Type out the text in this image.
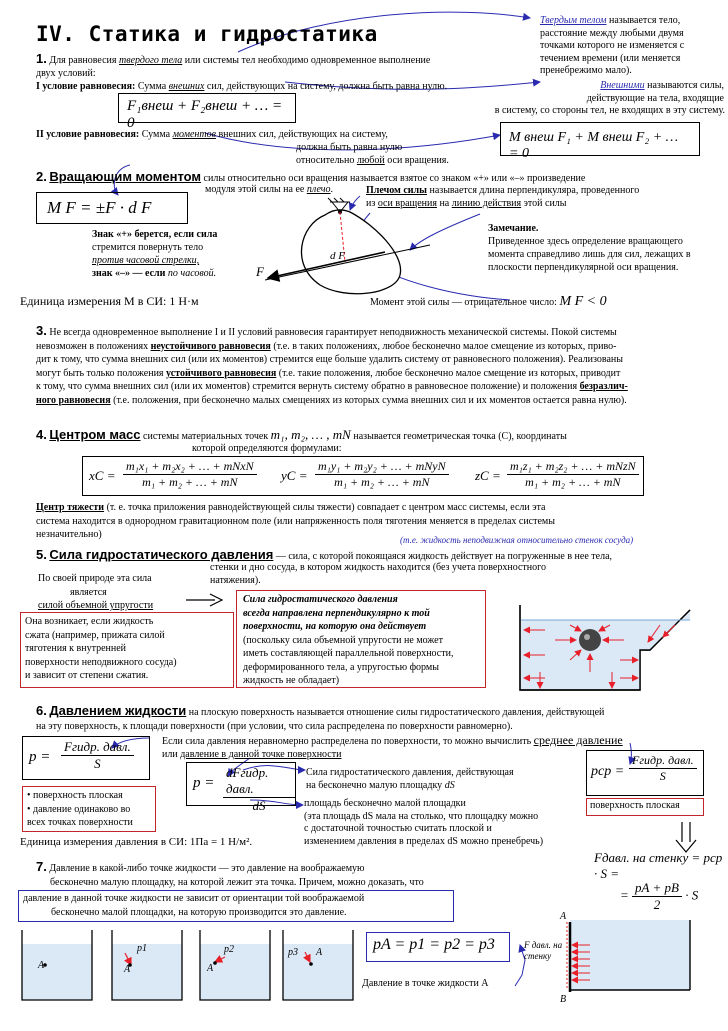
IV. Статика и гидростатика
Твердым телом называется тело,
расстояние между любыми двумя
точками которого не изменяется с
течением времени (или меняется
пренебрежимо мало).
Внешними называются силы,
действующие на тела, входящие
в систему, со стороны тел, не входящих в эту систему.
1. Для равновесия твердого тела или системы тел необходимо одновременное выполнение
двух условий:
I условие равновесия: Сумма внешних сил, действующих на систему, должна быть равна нулю.
F₁внеш + F₂внеш + … = 0
II условие равновесия: Сумма моментов внешних сил, действующих на систему,
должна быть равна нулю
относительно любой оси вращения.
M внеш F₁ + M внеш F₂ + … = 0
2. Вращающим моментом силы относительно оси вращения называется взятое со знаком «+» или «–» произведение
модуля этой силы на ее плечо.	Плечом силы называется длина перпендикуляра, проведенного
из оси вращения на линию действия этой силы
M F = ±F · d F
Знак «+» берется, если сила
стремится повернуть тело
против часовой стрелки,
знак «–» — если по часовой.	F
d F
Замечание.
Приведенное здесь определение вращающего
момента справедливо лишь для сил, лежащих в
плоскости перпендикулярной оси вращения.
Единица измерения M в СИ: 1 Н·м	Момент этой силы — отрицательное число: M F < 0
3. Не всегда одновременное выполнение I и II условий равновесия гарантирует неподвижность механической системы. Покой системы
невозможен в положениях неустойчивого равновесия (т.е. в таких положениях, любое бесконечно малое смещение из которых, приво-
дит к тому, что сумма внешних сил (или их моментов) стремится еще больше удалить систему от равновесного положения). Реализованы
могут быть только положения устойчивого равновесия (т.е. такие положения, любое бесконечно малое смещение из которых, приводит
к тому, что сумма внешних сил (или их моментов) стремится вернуть систему обратно в равновесное положение) и положения безразлич-
ного равновесия (т.е. положения, при бесконечно малых смещениях из которых сумма внешних сил и их моментов остается равна нулю).
4. Центром масс системы материальных точек m₁, m₂, … , mN называется геометрическая точка (C), координаты
которой определяются формулами:
xC =
m₁x₁ + m₂x₂ + … + mNxN
m₁ + m₂ + … + mN	yC =
m₁y₁ + m₂y₂ + … + mNyN
m₁ + m₂ + … + mN	zC =
m₁z₁ + m₂z₂ + … + mNzN
m₁ + m₂ + … + mN
Центр тяжести (т. е. точка приложения равнодействующей силы тяжести) совпадает с центром масс системы, если эта
система находится в однородном гравитационном поле (или напряженность поля тяготения меняется в пределах системы
незначительно)	(т.е. жидкость неподвижная относительно стенок сосуда)
5. Сила гидростатического давления — сила, с которой покоящаяся жидкость действует на погруженные в нее тела,
стенки и дно сосуда, в котором жидкость находится (без учета поверхностного
натяжения).
По своей природе эта сила
является
силой объемной упругости
Она возникает, если жидкость
сжата (например, прижата силой
тяготения к внутренней
поверхности неподвижного сосуда)
и зависит от степени сжатия.
Сила гидростатического давления
всегда направлена перпендикулярно к той
поверхности, на которую она действует
(поскольку сила объемной упругости не может
иметь составляющей параллельной поверхности,
деформированного тела, а упругостью формы
жидкость не обладает)
6. Давлением жидкости на плоскую поверхность называется отношение силы гидростатического давления, действующей
на эту поверхность, к площади поверхности (при условии, что сила распределена по поверхности равномерно).
p =
Fгидр. давл.
S
Если сила давления неравномерно распределена по поверхности, то можно вычислить среднее давление
или давление в данной точке поверхности
• поверхность плоская
• давление одинаково во
всех точках поверхности
p =
dFгидр. давл.
dS
Сила гидростатического давления, действующая
на бесконечно малую площадку dS
площадь бесконечно малой площадки
(эта площадь dS мала на столько, что площадку можно
с достаточной точностью считать плоской и
изменением давления в пределах dS можно пренебречь)
pср =
Fгидр. давл.
S
поверхность плоская
Единица измерения давления в СИ: 1Па = 1 Н/м².
Fдавл. на стенку = pср · S =
= $\frac{pA + pB}{2} \cdot S$
7. Давление в какой-либо точке жидкости — это давление на воображаемую
бесконечно малую площадку, на которой лежит эта точка. Причем, можно доказать, что
давление в данной точке жидкости не зависит от ориентации той воображаемой
бесконечно малой площадки, на которую производится это давление.
pA = p1 = p2 = p3
Давление в точке жидкости A
A	A
p1
A
p2	p3 A
A
B
F давл. на стенку
